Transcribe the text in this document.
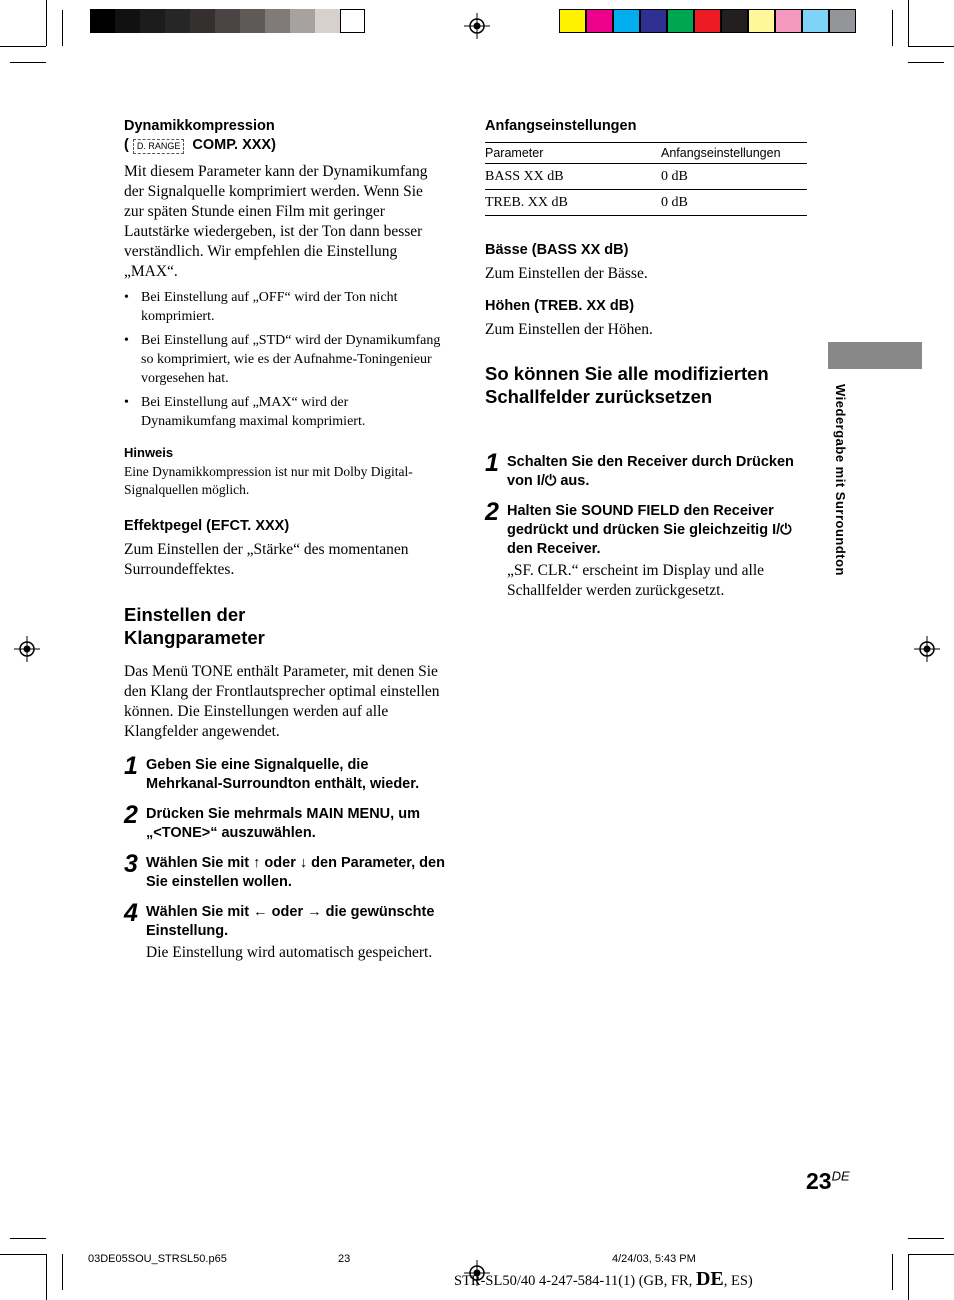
Dynamikkompression
( D. RANGE COMP. XXX)
Mit diesem Parameter kann der Dynamikumfang der Signalquelle komprimiert werden. Wenn Sie zur späten Stunde einen Film mit geringer Lautstärke wiedergeben, ist der Ton dann besser verständlich. Wir empfehlen die Einstellung „MAX“.
• Bei Einstellung auf „OFF“ wird der Ton nicht komprimiert.
• Bei Einstellung auf „STD“ wird der Dynamikumfang so komprimiert, wie es der Aufnahme-Toningenieur vorgesehen hat.
• Bei Einstellung auf „MAX“ wird der Dynamikumfang maximal komprimiert.
Hinweis
Eine Dynamikkompression ist nur mit Dolby Digital-Signalquellen möglich.
Effektpegel (EFCT. XXX)
Zum Einstellen der „Stärke“ des momentanen Surroundeffektes.
Einstellen der
Klangparameter
Das Menü TONE enthält Parameter, mit denen Sie den Klang der Frontlautsprecher optimal einstellen können. Die Einstellungen werden auf alle Klangfelder angewendet.
1 Geben Sie eine Signalquelle, die Mehrkanal-Surroundton enthält, wieder.
2 Drücken Sie mehrmals MAIN MENU, um „<TONE>“ auszuwählen.
3 Wählen Sie mit ↑ oder ↓ den Parameter, den Sie einstellen wollen.
4 Wählen Sie mit ← oder → die gewünschte Einstellung.
Die Einstellung wird automatisch gespeichert.
Anfangseinstellungen
Parameter	Anfangseinstellungen
BASS XX dB	0 dB
TREB. XX dB	0 dB
Bässe (BASS XX dB)
Zum Einstellen der Bässe.
Höhen (TREB. XX dB)
Zum Einstellen der Höhen.
So können Sie alle modifizierten Schallfelder zurücksetzen
1 Schalten Sie den Receiver durch Drücken von I/⏻ aus.
2 Halten Sie SOUND FIELD den Receiver gedrückt und drücken Sie gleichzeitig I/⏻ den Receiver.
„SF. CLR.“ erscheint im Display und alle Schallfelder werden zurückgesetzt.
Wiedergabe mit Surroundton
23DE
03DE05SOU_STRSL50.p65	23	4/24/03, 5:43 PM
STR-SL50/40 4-247-584-11(1) (GB, FR, DE, ES)
